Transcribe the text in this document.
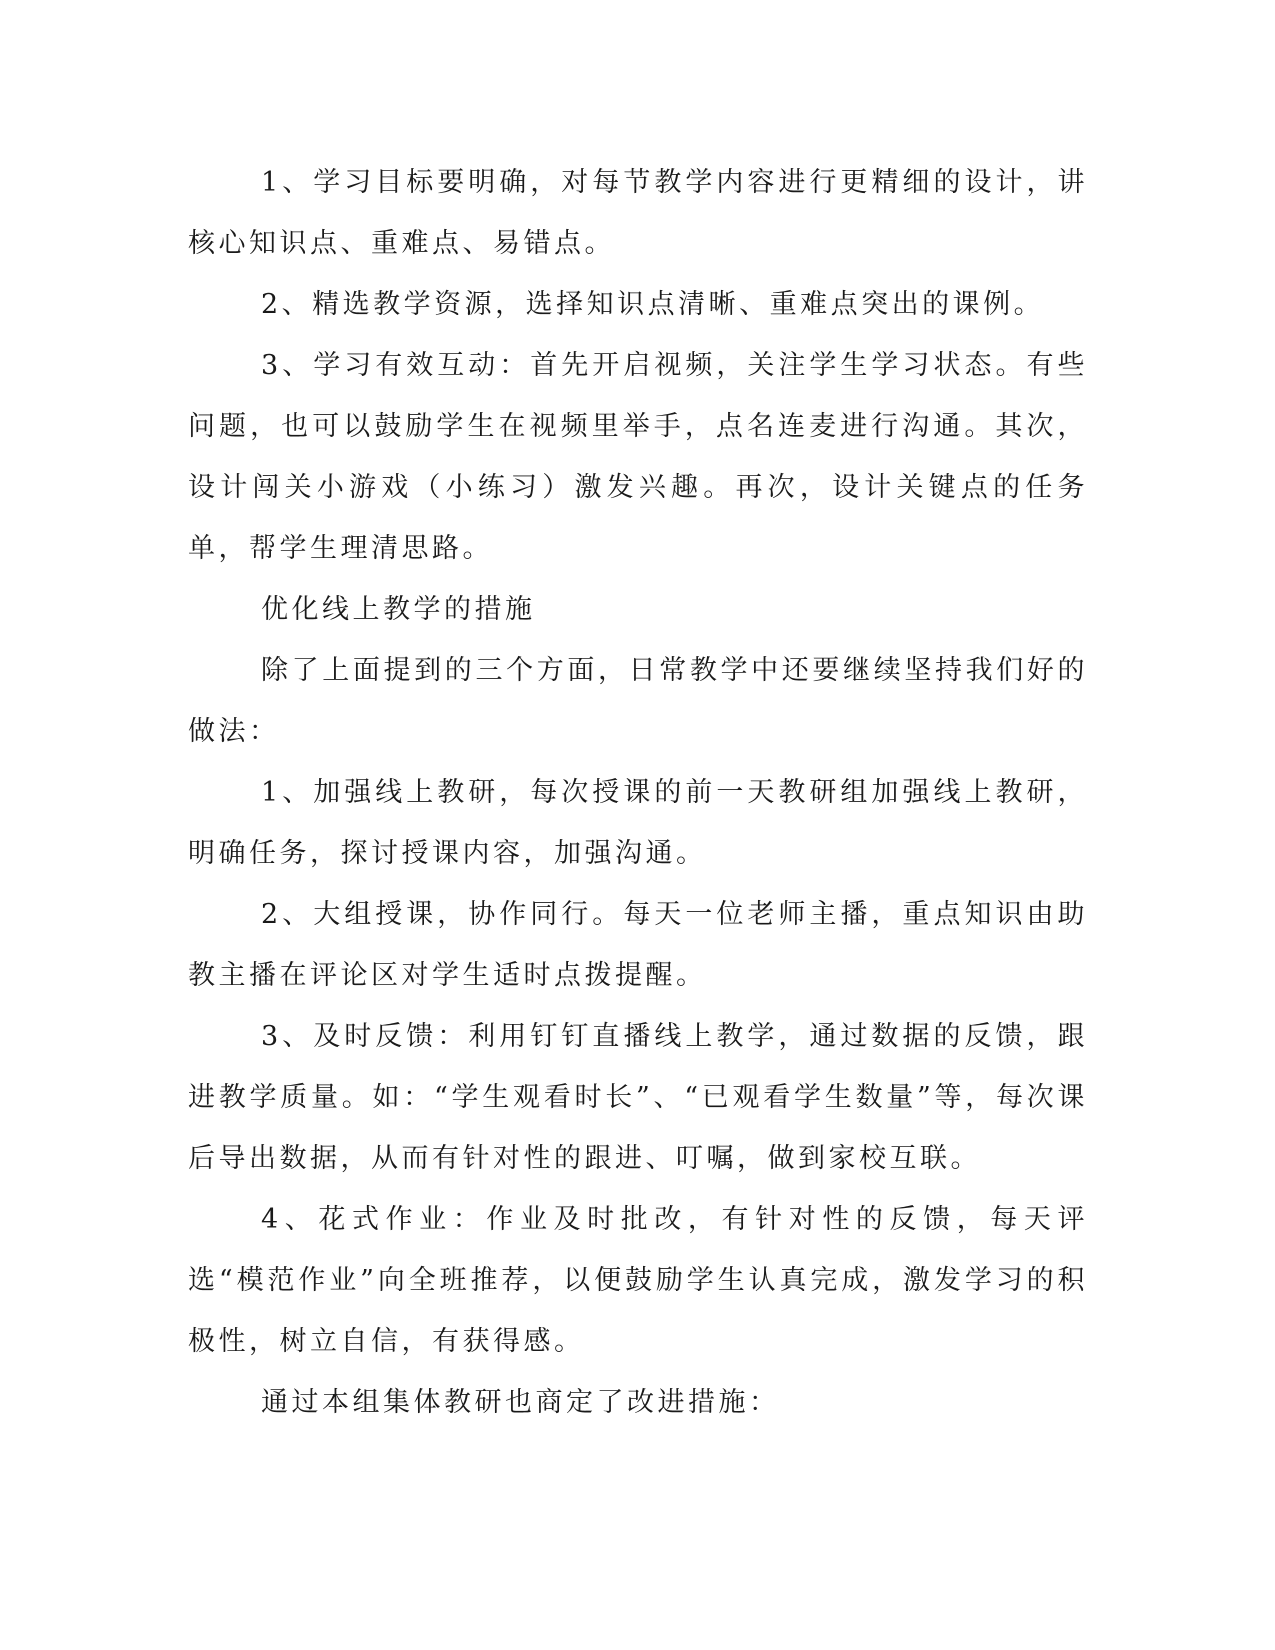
1、学习目标要明确，对每节教学内容进行更精细的设计，讲核心知识点、重难点、易错点。

2、精选教学资源，选择知识点清晰、重难点突出的课例。

3、学习有效互动：首先开启视频，关注学生学习状态。有些问题，也可以鼓励学生在视频里举手，点名连麦进行沟通。其次，设计闯关小游戏（小练习）激发兴趣。再次，设计关键点的任务单，帮学生理清思路。

优化线上教学的措施

除了上面提到的三个方面，日常教学中还要继续坚持我们好的做法：

1、加强线上教研，每次授课的前一天教研组加强线上教研，明确任务，探讨授课内容，加强沟通。

2、大组授课，协作同行。每天一位老师主播，重点知识由助教主播在评论区对学生适时点拨提醒。

3、及时反馈：利用钉钉直播线上教学，通过数据的反馈，跟进教学质量。如：“学生观看时长”、“已观看学生数量”等，每次课后导出数据，从而有针对性的跟进、叮嘱，做到家校互联。

4、花式作业：作业及时批改，有针对性的反馈，每天评选“模范作业”向全班推荐，以便鼓励学生认真完成，激发学习的积极性，树立自信，有获得感。

通过本组集体教研也商定了改进措施：
